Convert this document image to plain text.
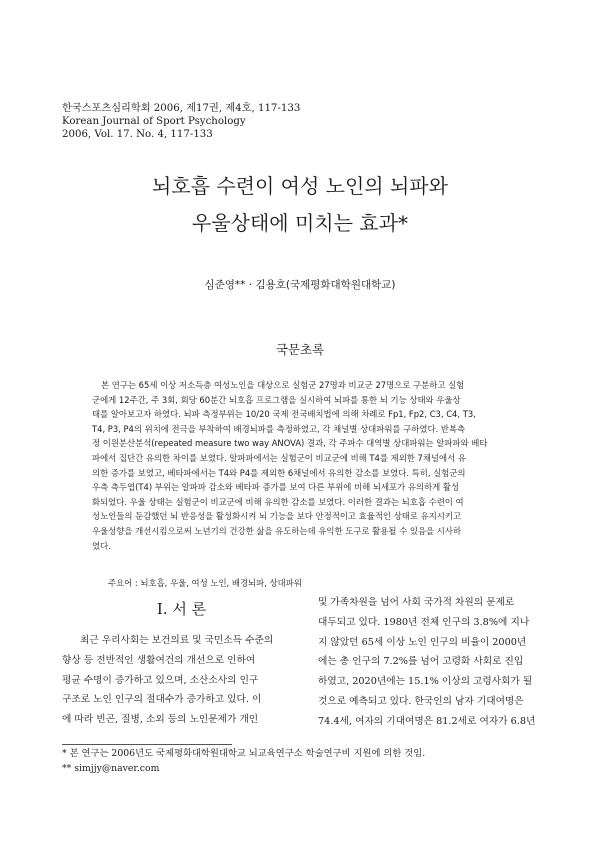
한국스포츠심리학회 2006, 제17권, 제4호, 117-133
Korean Journal of Sport Psychology
2006, Vol. 17. No. 4, 117-133
뇌호흡 수련이 여성 노인의 뇌파와
우울상태에 미치는 효과*
심준영** · 김용호(국제평화대학원대학교)
국문초록
본 연구는 65세 이상 저소득층 여성노인을 대상으로 실험군 27명과 비교군 27명으로 구분하고 실험
군에게 12주간, 주 3회, 회당 60분간 뇌호흡 프로그램을 실시하여 뇌파를 통한 뇌 기능 상태와 우울상
태를 알아보고자 하였다. 뇌파 측정부위는 10/20 국제 전국배치법에 의해 차례로 Fp1, Fp2, C3, C4, T3,
T4, P3, P4의 위치에 전극을 부착하여 배경뇌파를 측정하였고, 각 채널별 상대파워를 구하였다. 반복측
정 이원분산분석(repeated measure two way ANOVA) 결과, 각 주파수 대역별 상대파워는 알파파와 베타
파에서 집단간 유의한 차이를 보였다. 알파파에서는 실험군이 비교군에 비해 T4를 제외한 7채널에서 유
의한 증가를 보였고, 베타파에서는 T4와 P4를 제외한 6채널에서 유의한 감소를 보였다. 특히, 실험군의
우측 측두엽(T4) 부위는 알파파 감소와 베타파 증가를 보여 다른 부위에 비해 뇌세포가 유의하게 활성
화되었다. 우울 상태는 실험군이 비교군에 비해 유의한 감소를 보였다. 이러한 결과는 뇌호흡 수련이 여
성노인들의 둔감했던 뇌 반응성을 활성화시켜 뇌 기능을 보다 안정적이고 효율적인 상태로 유지시키고
우울성향을 개선시킴으로써 노년기의 건강한 삶을 유도하는데 유익한 도구로 활용될 수 있음을 시사하
였다.
주요어 : 뇌호흡, 우울, 여성 노인, 배경뇌파, 상대파워
I. 서 론
최근 우리사회는 보건의료 및 국민소득 수준의
향상 등 전반적인 생활여건의 개선으로 인하여
평균 수명이 증가하고 있으며, 소산소사의 인구
구조로 노인 인구의 절대수가 증가하고 있다. 이
에 따라 빈곤, 질병, 소외 등의 노인문제가 개인
및 가족차원을 넘어 사회 국가적 차원의 문제로
대두되고 있다. 1980년 전체 인구의 3.8%에 지나
지 않았던 65세 이상 노인 인구의 비율이 2000년
에는 총 인구의 7.2%를 넘어 고령화 사회로 진입
하였고, 2020년에는 15.1% 이상의 고령사회가 될
것으로 예측되고 있다. 한국인의 남자 기대여명은
74.4세, 여자의 기대여명은 81.2세로 여자가 6.8년
* 본 연구는 2006년도 국제평화대학원대학교 뇌교육연구소 학술연구비 지원에 의한 것임.
** simjjy@naver.com
